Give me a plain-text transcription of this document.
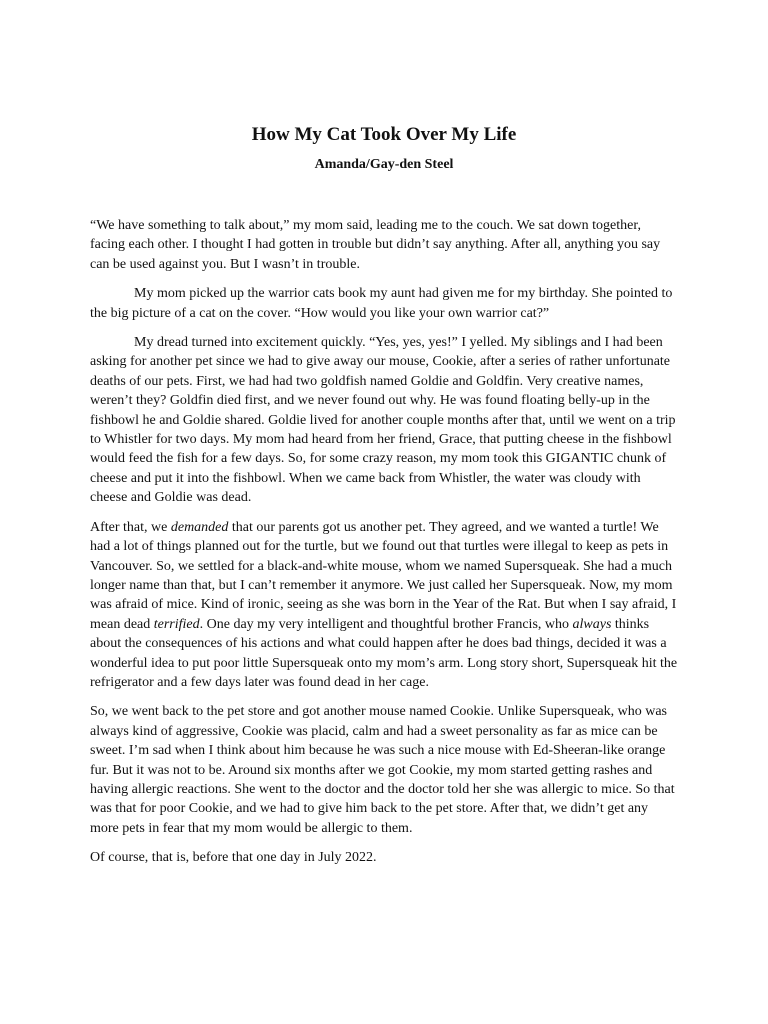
How My Cat Took Over My Life
Amanda/Gay-den Steel

“We have something to talk about,” my mom said, leading me to the couch. We sat down together, facing each other. I thought I had gotten in trouble but didn’t say anything. After all, anything you say can be used against you. But I wasn’t in trouble.

My mom picked up the warrior cats book my aunt had given me for my birthday. She pointed to the big picture of a cat on the cover. “How would you like your own warrior cat?”

My dread turned into excitement quickly. “Yes, yes, yes!” I yelled. My siblings and I had been asking for another pet since we had to give away our mouse, Cookie, after a series of rather unfortunate deaths of our pets. First, we had had two goldfish named Goldie and Goldfin. Very creative names, weren’t they? Goldfin died first, and we never found out why. He was found floating belly-up in the fishbowl he and Goldie shared. Goldie lived for another couple months after that, until we went on a trip to Whistler for two days. My mom had heard from her friend, Grace, that putting cheese in the fishbowl would feed the fish for a few days. So, for some crazy reason, my mom took this GIGANTIC chunk of cheese and put it into the fishbowl. When we came back from Whistler, the water was cloudy with cheese and Goldie was dead.

After that, we demanded that our parents got us another pet. They agreed, and we wanted a turtle! We had a lot of things planned out for the turtle, but we found out that turtles were illegal to keep as pets in Vancouver. So, we settled for a black-and-white mouse, whom we named Supersqueak. She had a much longer name than that, but I can’t remember it anymore. We just called her Supersqueak. Now, my mom was afraid of mice. Kind of ironic, seeing as she was born in the Year of the Rat. But when I say afraid, I mean dead terrified. One day my very intelligent and thoughtful brother Francis, who always thinks about the consequences of his actions and what could happen after he does bad things, decided it was a wonderful idea to put poor little Supersqueak onto my mom’s arm. Long story short, Supersqueak hit the refrigerator and a few days later was found dead in her cage.

So, we went back to the pet store and got another mouse named Cookie. Unlike Supersqueak, who was always kind of aggressive, Cookie was placid, calm and had a sweet personality as far as mice can be sweet. I’m sad when I think about him because he was such a nice mouse with Ed-Sheeran-like orange fur. But it was not to be. Around six months after we got Cookie, my mom started getting rashes and having allergic reactions. She went to the doctor and the doctor told her she was allergic to mice. So that was that for poor Cookie, and we had to give him back to the pet store. After that, we didn’t get any more pets in fear that my mom would be allergic to them.

Of course, that is, before that one day in July 2022.
